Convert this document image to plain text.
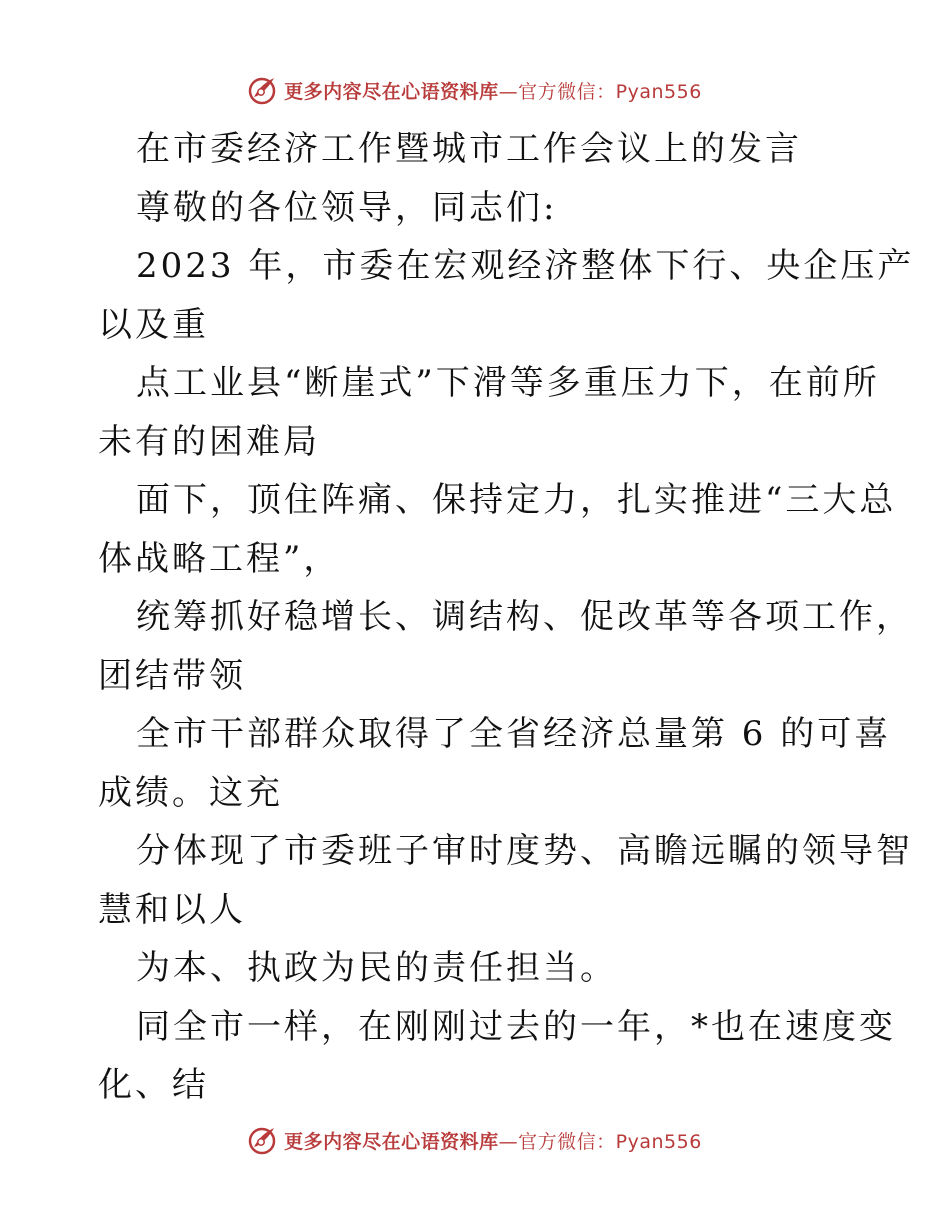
更多内容尽在心语资料库—官方微信：Pyan556
在市委经济工作暨城市工作会议上的发言
尊敬的各位领导，同志们:
2023 年，市委在宏观经济整体下行、央企压产
以及重
点工业县“断崖式”下滑等多重压力下，在前所
未有的困难局
面下，顶住阵痛、保持定力，扎实推进“三大总
体战略工程”，
统筹抓好稳增长、调结构、促改革等各项工作，
团结带领
全市干部群众取得了全省经济总量第 6 的可喜
成绩。这充
分体现了市委班子审时度势、高瞻远瞩的领导智
慧和以人
为本、执政为民的责任担当。
同全市一样，在刚刚过去的一年，*也在速度变
化、结
更多内容尽在心语资料库—官方微信：Pyan556
